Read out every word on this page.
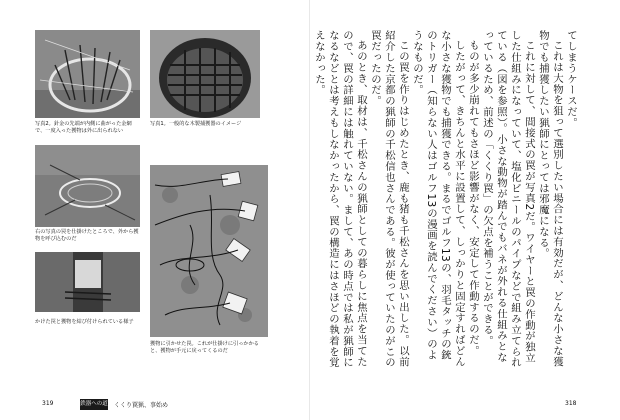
写真2。針金の先端が内側に曲がった金網で、一度入った獲物は外に出られない
写真1。一般的な木製捕獲器のイメージ
右の写真の罠を仕掛けたところで、外から獲物を呼び込むのだ
かけた罠と獲物を結び付けられている様子
獲物に引かせた罠。これが仕掛けに引っかかると、獲物が手元に戻ってくるのだ

てしまうケースだ。

これは大物を狙って選別したい場合には有効だが、どんな小さな獲物でも捕獲したい猟師にとっては邪魔になる。

これに対して、間接式の罠が写真2だ。ワイヤーと罠の作動が独立した仕組みになっていて、塩化ビニールのパイプなどで組み立てられている（図を参照）。小さな動物が踏んでもバネが外れる仕組みとなっているため、前述の「くくり罠」の欠点を補うことができる。

ものが多少崩れてもさほど影響がなく、安定して作動するのだ。

したがって、きちんと水平に設置して、しっかりと固定すればどんな小さな獲物でも捕獲できる。まるでゴルフ13の、羽毛タッチの銃のトリガー（知らない人はゴルフ13の漫画を読んでください）のようなものだ。

この罠を作りはじめたとき、鹿も猪も千松さんを思い出した。以前紹介した京都の猟師の千松信也さんである。彼が使っていたのがこの罠だったのだ。

あのとき、取材は、千松さんの猟師としての暮らしに焦点を当てたので、罠の詳細には触れていない。まして、あの時点では私が猟師になるなどとは考えもしなかったから、罠の構造にはさほどの執着を覚えなかった。

319	鉄器への道 くくり罠猟、事始め	318
